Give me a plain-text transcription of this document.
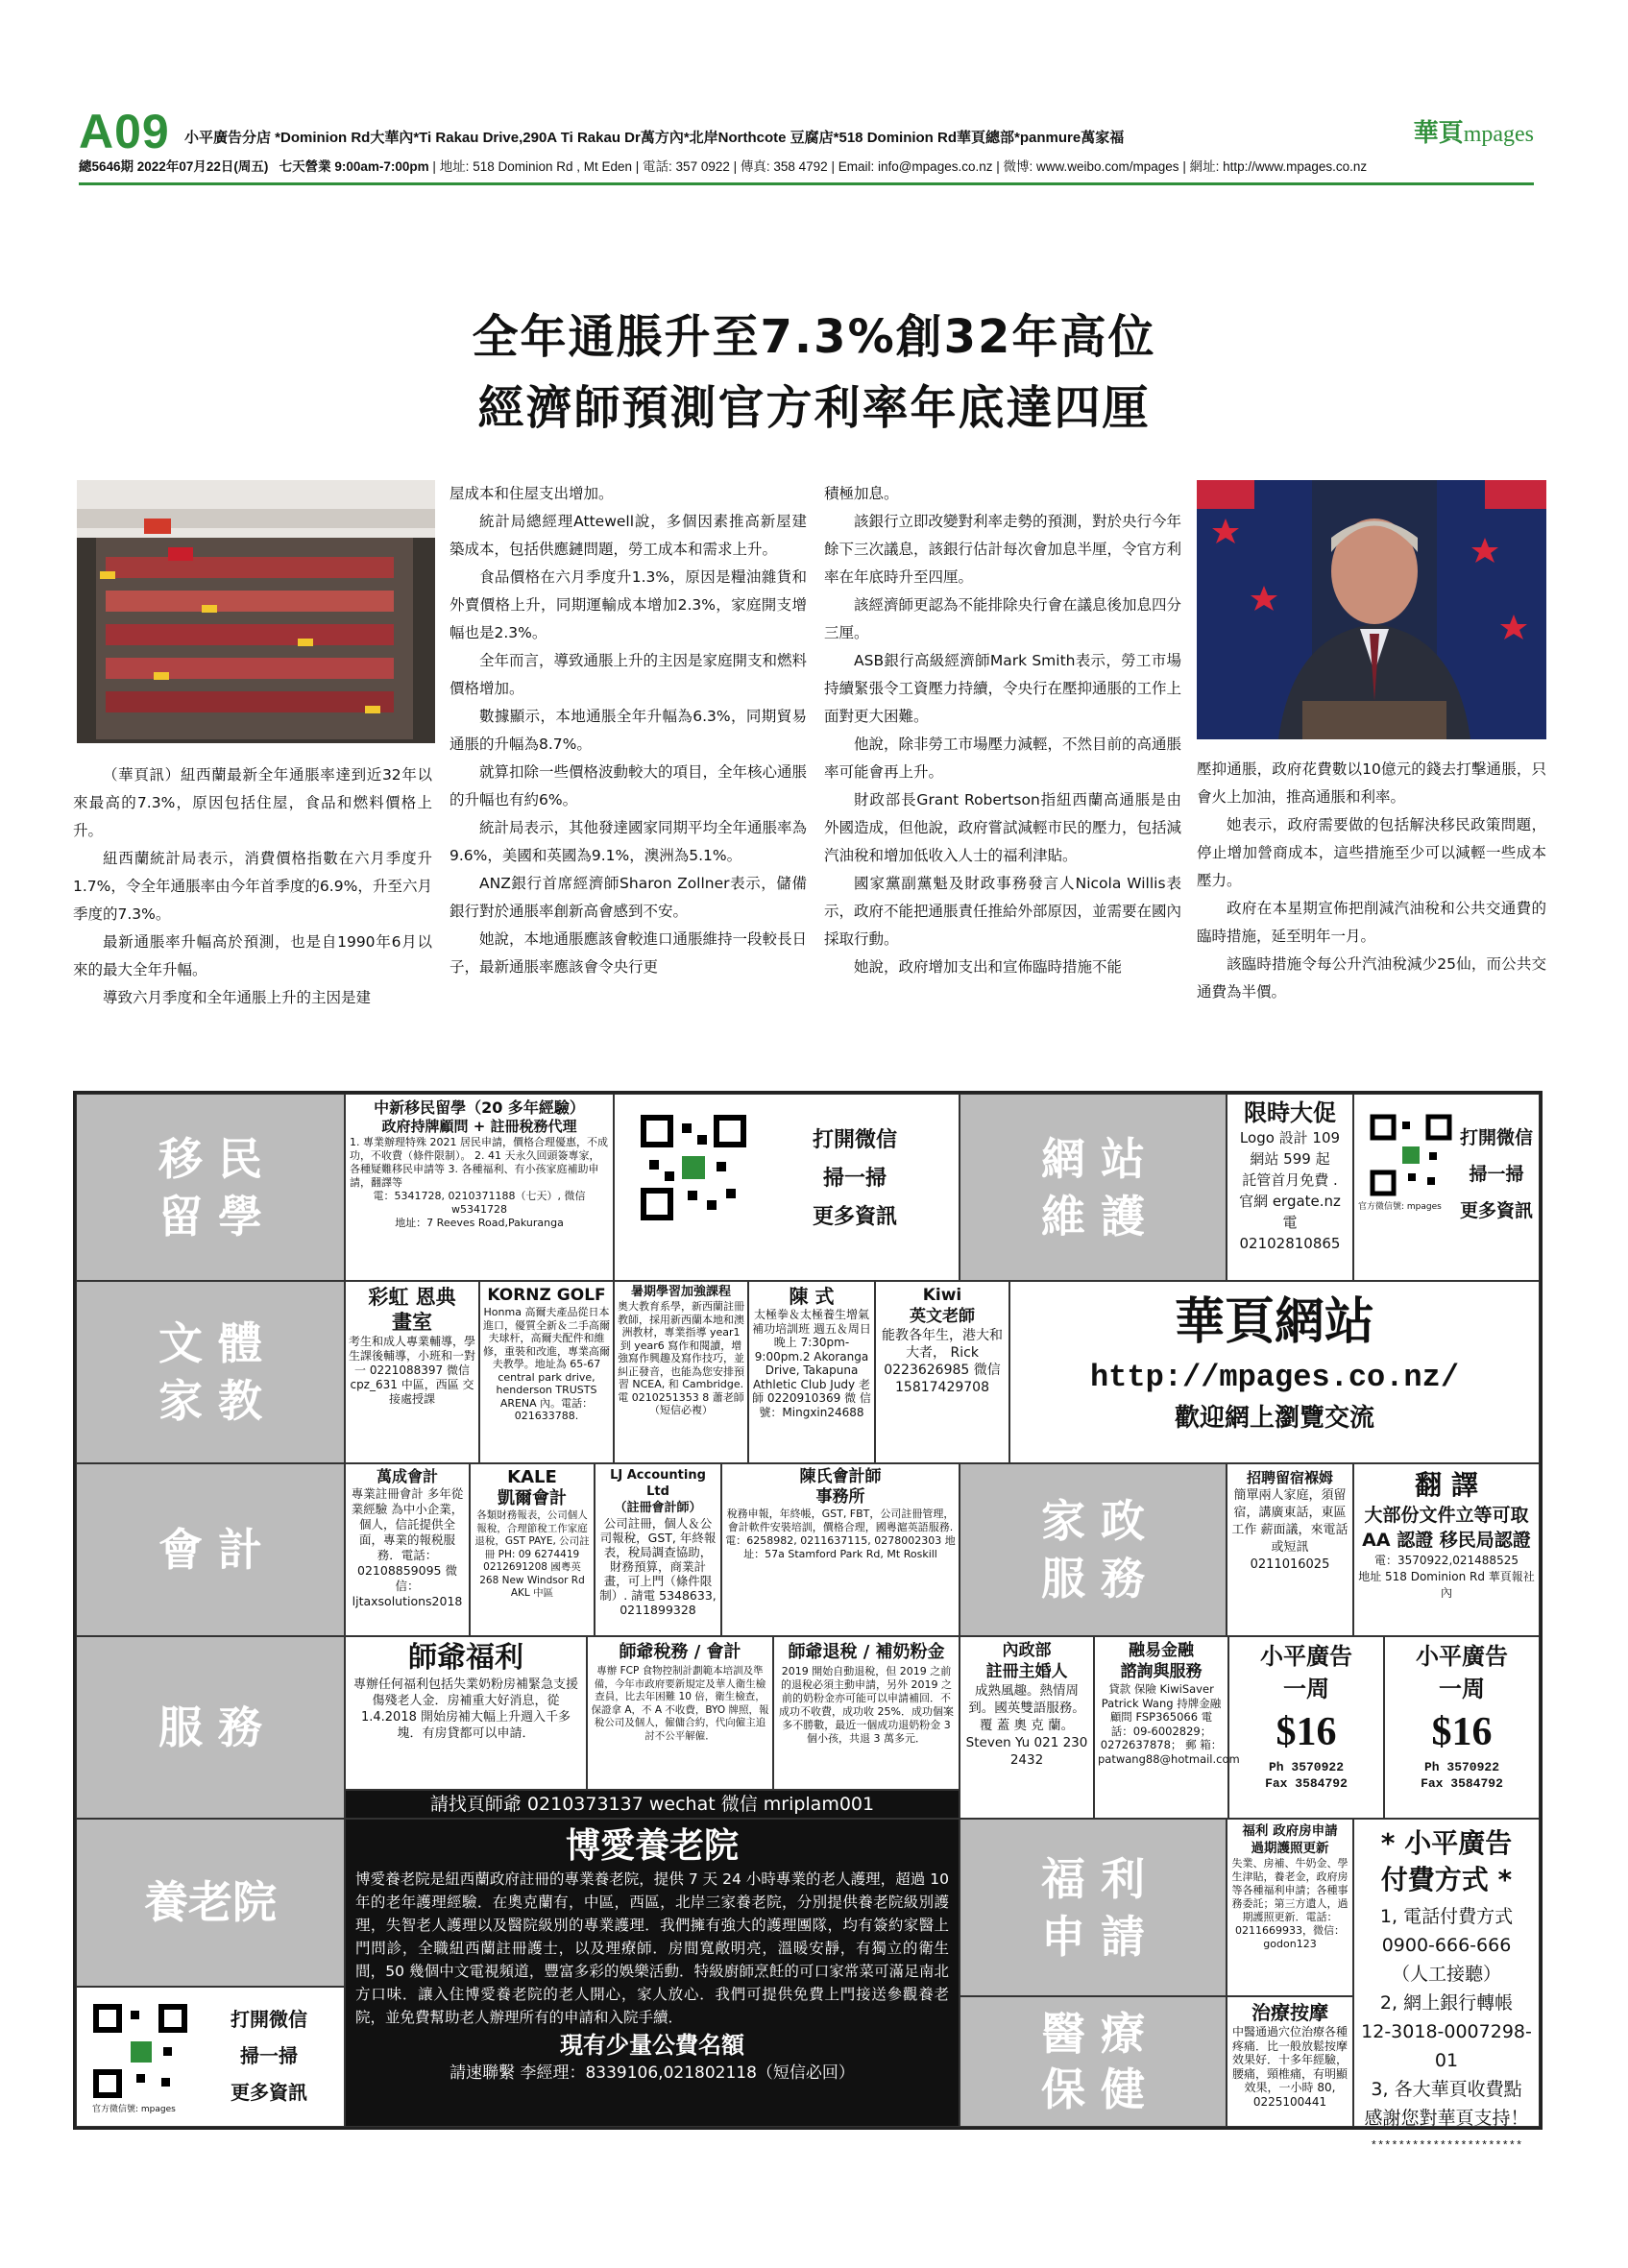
A09 小平廣告分店 *Dominion Rd大華內*Ti Rakau Drive,290A Ti Rakau Dr萬方內*北岸Northcote 豆腐店*518 Dominion Rd華頁總部*panmure萬家福	華頁mpages
總5646期 2022年07月22日(周五) 七天營業 9:00am-7:00pm | 地址: 518 Dominion Rd , Mt Eden | 電話: 357 0922 | 傳真: 358 4792 | Email: info@mpages.co.nz | 微博: www.weibo.com/mpages | 網址: http://www.mpages.co.nz
全年通脹升至7.3%創32年高位
經濟師預測官方利率年底達四厘

（華頁訊）紐西蘭最新全年通脹率達到近32年以來最高的7.3%，原因包括住屋，食品和燃料價格上升。

紐西蘭統計局表示，消費價格指數在六月季度升1.7%，令全年通脹率由今年首季度的6.9%，升至六月季度的7.3%。

最新通脹率升幅高於預測，也是自1990年6月以來的最大全年升幅。

導致六月季度和全年通脹上升的主因是建

屋成本和住屋支出增加。

統計局總經理Attewell說，多個因素推高新屋建築成本，包括供應鏈問題，勞工成本和需求上升。

食品價格在六月季度升1.3%，原因是糧油雜貨和外賣價格上升，同期運輸成本增加2.3%，家庭開支增幅也是2.3%。

全年而言，導致通脹上升的主因是家庭開支和燃料價格增加。

數據顯示，本地通脹全年升幅為6.3%，同期貿易通脹的升幅為8.7%。

就算扣除一些價格波動較大的項目，全年核心通脹的升幅也有約6%。

統計局表示，其他發達國家同期平均全年通脹率為9.6%，美國和英國為9.1%，澳洲為5.1%。

ANZ銀行首席經濟師Sharon Zollner表示，儲備銀行對於通脹率創新高會感到不安。

她說，本地通脹應該會較進口通脹維持一段較長日子，最新通脹率應該會令央行更

積極加息。

該銀行立即改變對利率走勢的預測，對於央行今年餘下三次議息，該銀行估計每次會加息半厘，令官方利率在年底時升至四厘。

該經濟師更認為不能排除央行會在議息後加息四分三厘。

ASB銀行高級經濟師Mark Smith表示，勞工市場持續緊張令工資壓力持續，令央行在壓抑通脹的工作上面對更大困難。

他說，除非勞工市場壓力減輕，不然目前的高通脹率可能會再上升。

財政部長Grant Robertson指紐西蘭高通脹是由外國造成，但他說，政府嘗試減輕市民的壓力，包括減汽油稅和增加低收入人士的福利津貼。

國家黨副黨魁及財政事務發言人Nicola Willis表示，政府不能把通脹責任推給外部原因，並需要在國內採取行動。

她說，政府增加支出和宣佈臨時措施不能

壓抑通脹，政府花費數以10億元的錢去打擊通脹，只會火上加油，推高通脹和利率。

她表示，政府需要做的包括解決移民政策問題，停止增加營商成本，這些措施至少可以減輕一些成本壓力。

政府在本星期宣佈把削減汽油稅和公共交通費的臨時措施，延至明年一月。

該臨時措施令每公升汽油稅減少25仙，而公共交通費為半價。

移 民
留 學
中新移民留學（20 多年經驗）
政府持牌顧問 + 註冊稅務代理
1. 專業辦理特殊 2021 居民申請，價格合理優惠，不成功，不收費（條件限制）。 2. 41 天永久回頭簽專家，各種疑難移民申請等 3. 各種福利、有小孩家庭補助申請，翻譯等
電：5341728, 0210371188（七天）, 微信 w5341728
地址：7 Reeves Road,Pakuranga
打開微信
掃一掃
更多資訊
網 站
維 護
限時大促
Logo 設計 109
網站 599 起
託管首月免費 .
官網 ergate.nz
電 02102810865
打開微信
掃一掃
更多資訊
官方微信號: mpages
文 體
家 教
彩虹 恩典
畫室
考生和成人專業輔導，學生課後輔導，小班和一對一 0221088397 微信 cpz_631 中區，西區 交接處授課
KORNZ GOLF
Honma 高爾夫產品從日本進口，優質全新＆二手高爾夫球杆，高爾夫配件和維修，重裝和改進，專業高爾夫教學。地址為 65-67 central park drive, henderson TRUSTS ARENA 內。電話：021633788.
暑期學習加強課程
奧大教育系學，新西蘭註冊教師，採用新西蘭本地和澳洲教材，專業指導 year1 到 year6 寫作和閱讀，增強寫作興趣及寫作技巧，並糾正發音，也能為您安排預習 NCEA, 和 Cambridge. 電 0210251353 8 蕭老師（短信必複）
陳 式
太極拳＆太極養生增氣補功培訓班 週五＆周日晚上 7:30pm-9:00pm.2 Akoranga Drive, Takapuna Athletic Club Judy 老 師 0220910369 微 信 號：Mingxin24688
Kiwi
英文老師
能教各年生，港大和大者， Rick 0223626985 微信 15817429708
華頁網站
http://mpages.co.nz/
歡迎網上瀏覽交流
會 計
萬成會計
專業註冊會計 多年從業經驗 為中小企業，個人，信託提供全面，專業的報税服務．電話：02108859095 微信：ljtaxsolutions2018
KALE
凱爾會計
各類財務報表，公司個人報稅，合理節稅工作家庭退稅，GST PAYE, 公司註冊 PH: 09 6274419 0212691208 國粵英 268 New Windsor Rd AKL 中區
LJ Accounting Ltd
（註冊會計師）
公司註冊，個人＆公司報稅，GST, 年終報表，稅局調查協助，財務預算，商業計畫，可上門（條件限制）. 請電 5348633, 0211899328
陳氏會計師
事務所
稅務申報，年終帳，GST, FBT，公司註冊管理，會計軟件安裝培訓，價格合理，國粵滬英語服務. 電：6258982, 0211637115, 0278002303 地址：57a Stamford Park Rd, Mt Roskill
家 政
服 務
招聘留宿褓姆
簡單兩人家庭，須留宿，講廣東話，東區工作 薪面議，來電話或短訊 0211016025
翻 譯
大部份文件立等可取
AA 認證 移民局認證
電：3570922,021488525
地址 518 Dominion Rd 華頁報社內
服 務
師爺福利
專辦任何福利包括失業奶粉房補緊急支援傷殘老人金．房補重大好消息，從 1.4.2018 開始房補大幅上升週入千多塊．有房貸都可以申請．
師爺稅務 / 會計
專辦 FCP 食物控制計劃範本培訓及準備，今年市政府要新規定及華人衛生檢查員，比去年困難 10 倍，衛生檢查，保證拿 A，不 A 不收費，BYO 牌照，報稅公司及個人，僱傭合約，代向僱主追討不公平解僱．
師爺退稅 / 補奶粉金
2019 開始自動退稅，但 2019 之前的退稅必須主動申請，另外 2019 之前的奶粉金亦可能可以申請補回．不成功不收費，成功收 25%．成功個案多不勝數，最近一個成功退奶粉金 3 個小孩，共退 3 萬多元．
請找頁師爺 0210373137 wechat 微信 mriplam001
內政部
註冊主婚人
成熟風趣。熱情周到。國英雙語服務。覆 蓋 奧 克 蘭。 Steven Yu 021 230 2432
融易金融
諮詢與服務
貸款 保險 KiwiSaver Patrick Wang 持牌金融顧問 FSP365066 電 話：09-6002829；0272637878； 郵 箱：patwang88@hotmail.com
小平廣告
一周
$16
Ph 3570922
Fax 3584792
小平廣告
一周
$16
Ph 3570922
Fax 3584792
養老院
打開微信
掃一掃
更多資訊
官方微信號: mpages
博愛養老院
博愛養老院是紐西蘭政府註冊的專業養老院，提供 7 天 24 小時專業的老人護理，超過 10 年的老年護理經驗．在奧克蘭有，中區，西區，北岸三家養老院，分別提供養老院級別護理，失智老人護理以及醫院級別的專業護理．我們擁有強大的護理團隊，均有簽約家醫上門問診，全職紐西蘭註冊護士，以及理療師．房間寬敞明亮，溫暖安靜，有獨立的衛生間，50 幾個中文電視頻道，豐富多彩的娛樂活動．特級廚師烹飪的可口家常菜可滿足南北方口味．讓入住博愛養老院的老人開心，家人放心．我們可提供免費上門接送參觀養老院，並免費幫助老人辦理所有的申請和入院手續．
現有少量公費名額
請速聯繫 李經理：8339106,021802118（短信必回）
福 利
申 請
福利 政府房申請
過期護照更新
失業、房補、牛奶金、學生津貼，養老金，政府房等各種福利申請；各種事務委託；第三方遺人，過期護照更新．電話：0211669933，微信：godon123
* 小平廣告
付費方式 *
1, 電話付費方式
0900-666-666
（人工接聽）
2, 網上銀行轉帳
12-3018-0007298-01
3, 各大華頁收費點
感謝您對華頁支持！
**********************
醫 療
保 健
治療按摩
中醫通過穴位治療各種疼痛．比一般放鬆按摩效果好．十多年經驗，腰痛，頸椎痛，有明顯效果，一小時 80, 0225100441
